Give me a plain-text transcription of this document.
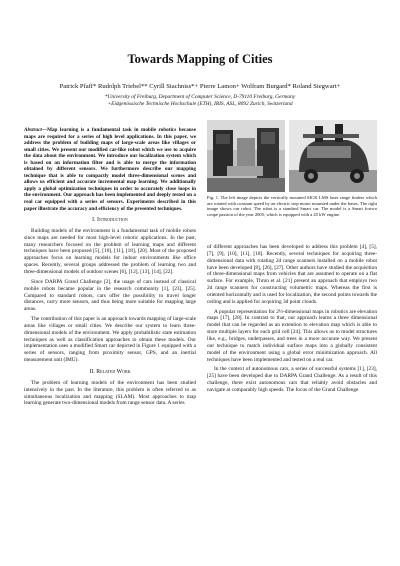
Towards Mapping of Cities
Patrick Pfaff* Rudolph Triebel** Cyrill Stachniss*+ Pierre Lamon+ Wolfram Burgard* Roland Siegwart+
*University of Freiburg, Department of Computer Science, D-79110 Freiburg, Germany
+Eidgenössische Technische Hochschule (ETH), IRIS, ASL, 8092 Zurich, Switzerland

Abstract—Map learning is a fundamental task in mobile robotics because maps are required for a series of high level applications. In this paper, we address the problem of building maps of large-scale areas like villages or small cities. We present our modified car-like robot which we use to acquire the data about the environment. We introduce our localization system which is based on an information filter and is able to merge the information obtained by different sensors. We furthermore describe our mapping technique that is able to compactly model three-dimensional scenes and allows us efficient and accurate incremental map learning. We additionally apply a global optimization techniques in order to accurately close loops in the environment. Our approach has been implemented and deeply tested on a real car equipped with a series of sensors. Experiments described in this paper illustrate the accuracy and efficiency of the presented techniques.

I. Introduction

Building models of the environment is a fundamental task of mobile robots since maps are needed for most high-level robotic applications. In the past, many researchers focused on the problem of learning maps and different techniques have been proposed [5], [10], [11], [18], [20]. Most of the proposed approaches focus on learning models for indoor environments like office spaces. Recently, several groups addressed the problem of learning two and three-dimensional models of outdoor scenes [6], [12], [13], [14], [22].

Since DARPA Grand Challenge [2], the usage of cars instead of classical mobile robots became popular in the research community [1], [23], [25]. Compared to standard robots, cars offer the possibility to travel longer distances, carry more sensors, and thus being more suitable for mapping large areas.

The contribution of this paper is an approach towards mapping of large-scale areas like villages or small cities. We describe our system to learn three-dimensional models of the environment. We apply probabilistic state estimation techniques as well as classification approaches to obtain these models. Our implementation uses a modified Smart car depicted in Figure 1 equipped with a series of sensors, ranging from proximity sensor, GPS, and an inertial measurement unit (IMU).

II. Related Work

The problem of learning models of the environment has been studied intensively in the past. In the literature, this problem is often referred to as simultaneous localization and mapping (SLAM). Most approaches to map learning generate two-dimensional models from range sensor data. A series

Fig. 1. The left image depicts the vertically mounted SICK LMS laser range finders which are rotated with constant speed by an electric step motor mounted under the bases. The right image shows our robot. The robot is a standard Smart car. The model is a Smart fortwo coupé passion of the year 2005, which is equipped with a 45 kW engine.

of different approaches has been developed to address this problem [4], [5], [7], [9], [10], [11], [18]. Recently, several techniques for acquiring three-dimensional data with rotating 2d range scanners installed on a mobile robot have been developed [8], [26], [27]. Other authors have studied the acquisition of three-dimensional maps from vehicles that are assumed to operate on a flat surface. For example, Thrun et al. [21] present an approach that employs two 2d range scanners for constructing volumetric maps. Whereas the first is oriented horizontally and is used for localization, the second points towards the ceiling and is applied for acquiring 3d point clouds.

A popular representation for 2½-dimensional maps in robotics are elevation maps [17], [28]. In contrast to that, our approach learns a three dimensional model that can be regarded as an extention to elevation map which is able to store multiple layers for each grid cell [24]. This allows us to model structures like, e.g., bridges, underpasses, and trees in a more accurate way. We present our technique to match individual surface maps into a globally consistent model of the environment using a global error minimization approach. All techniques have been implemented and tested on a real car.

In the context of autonomous cars, a series of successful systems [1], [23], [25] have been developed due to DARPA Grand Challenge. As a result of this challenge, there exist autonomous cars that reliably avoid obstacles and navigate at comparably high speeds. The focus of the Grand Challenge
